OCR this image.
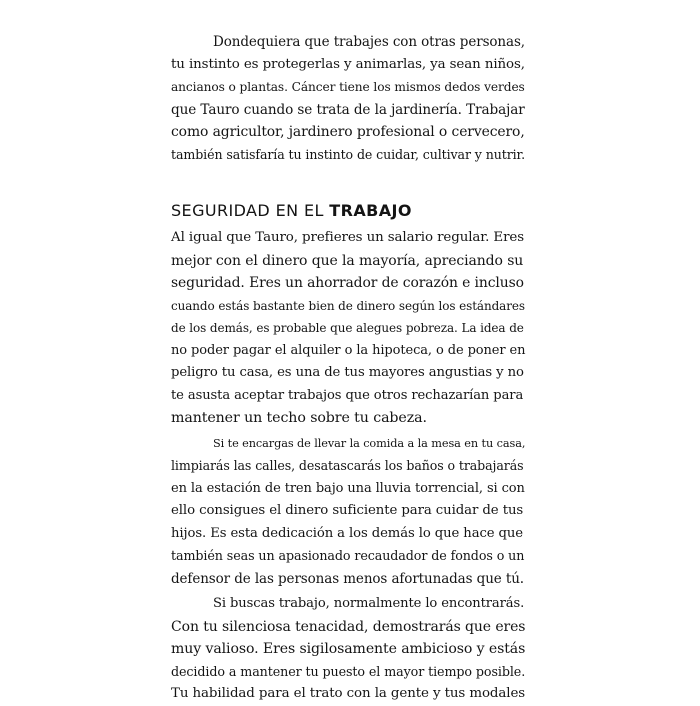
Dondequiera que trabajes con otras personas,
tu instinto es protegerlas y animarlas, ya sean niños,
ancianos o plantas. Cáncer tiene los mismos dedos verdes
que Tauro cuando se trata de la jardinería. Trabajar
como agricultor, jardinero profesional o cervecero,
también satisfaría tu instinto de cuidar, cultivar y nutrir.
SEGURIDAD EN EL TRABAJO
Al igual que Tauro, prefieres un salario regular. Eres
mejor con el dinero que la mayoría, apreciando su
seguridad. Eres un ahorrador de corazón e incluso
cuando estás bastante bien de dinero según los estándares
de los demás, es probable que alegues pobreza. La idea de
no poder pagar el alquiler o la hipoteca, o de poner en
peligro tu casa, es una de tus mayores angustias y no
te asusta aceptar trabajos que otros rechazarían para
mantener un techo sobre tu cabeza.
Si te encargas de llevar la comida a la mesa en tu casa,
limpiarás las calles, desatascarás los baños o trabajarás
en la estación de tren bajo una lluvia torrencial, si con
ello consigues el dinero suficiente para cuidar de tus
hijos. Es esta dedicación a los demás lo que hace que
también seas un apasionado recaudador de fondos o un
defensor de las personas menos afortunadas que tú.
Si buscas trabajo, normalmente lo encontrarás.
Con tu silenciosa tenacidad, demostrarás que eres
muy valioso. Eres sigilosamente ambicioso y estás
decidido a mantener tu puesto el mayor tiempo posible.
Tu habilidad para el trato con la gente y tus modales
